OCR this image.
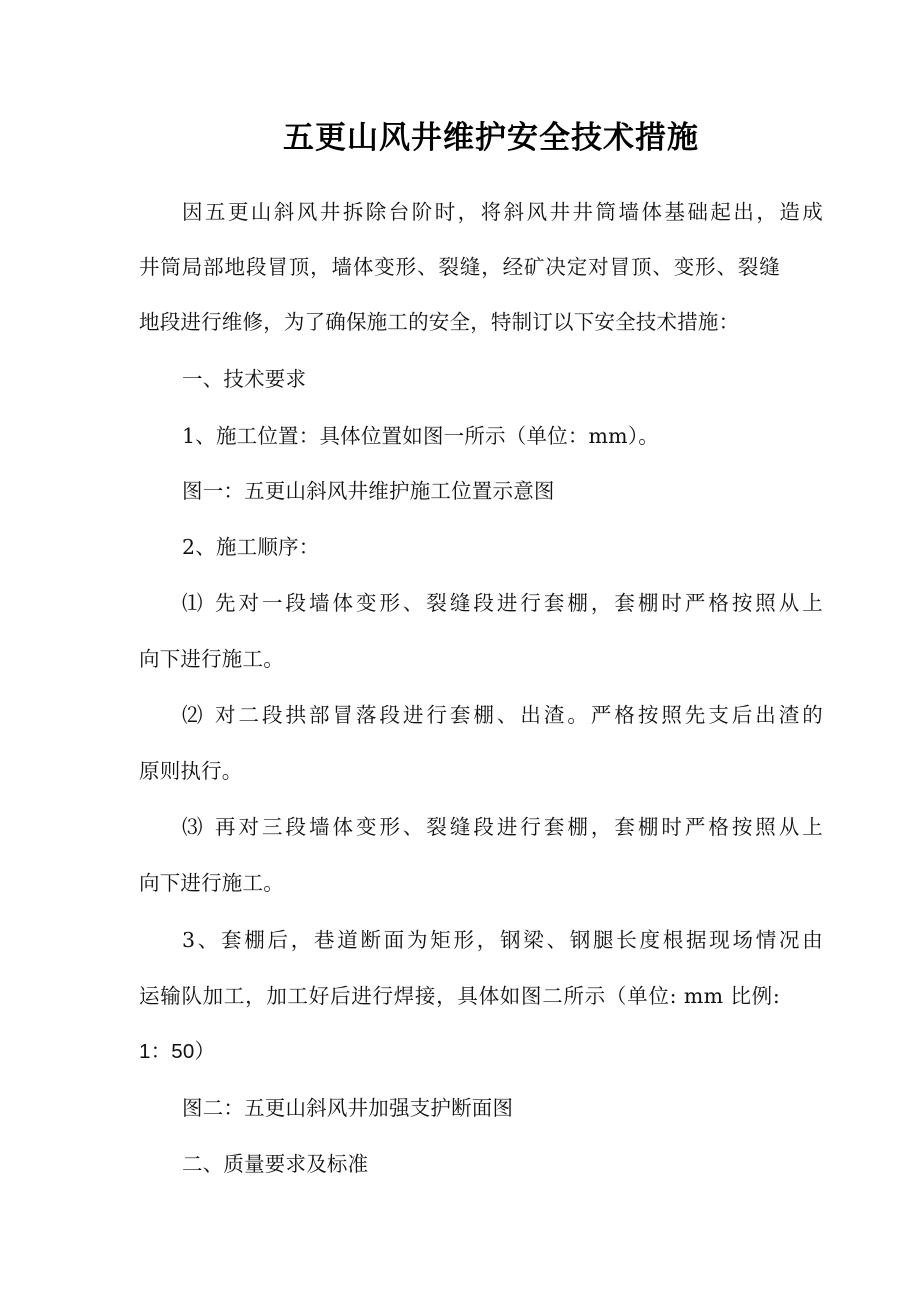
五更山风井维护安全技术措施
因五更山斜风井拆除台阶时，将斜风井井筒墙体基础起出，造成
井筒局部地段冒顶，墙体变形、裂缝，经矿决定对冒顶、变形、裂缝
地段进行维修，为了确保施工的安全，特制订以下安全技术措施：
一、技术要求
1、施工位置：具体位置如图一所示（单位：mm）。
图一：五更山斜风井维护施工位置示意图
2、施工顺序：
⑴ 先对一段墙体变形、裂缝段进行套棚，套棚时严格按照从上
向下进行施工。
⑵ 对二段拱部冒落段进行套棚、出渣。严格按照先支后出渣的
原则执行。
⑶ 再对三段墙体变形、裂缝段进行套棚，套棚时严格按照从上
向下进行施工。
3、套棚后，巷道断面为矩形，钢梁、钢腿长度根据现场情况由
运输队加工，加工好后进行焊接，具体如图二所示（单位: mm 比例:
1：50）
图二：五更山斜风井加强支护断面图
二、质量要求及标准
